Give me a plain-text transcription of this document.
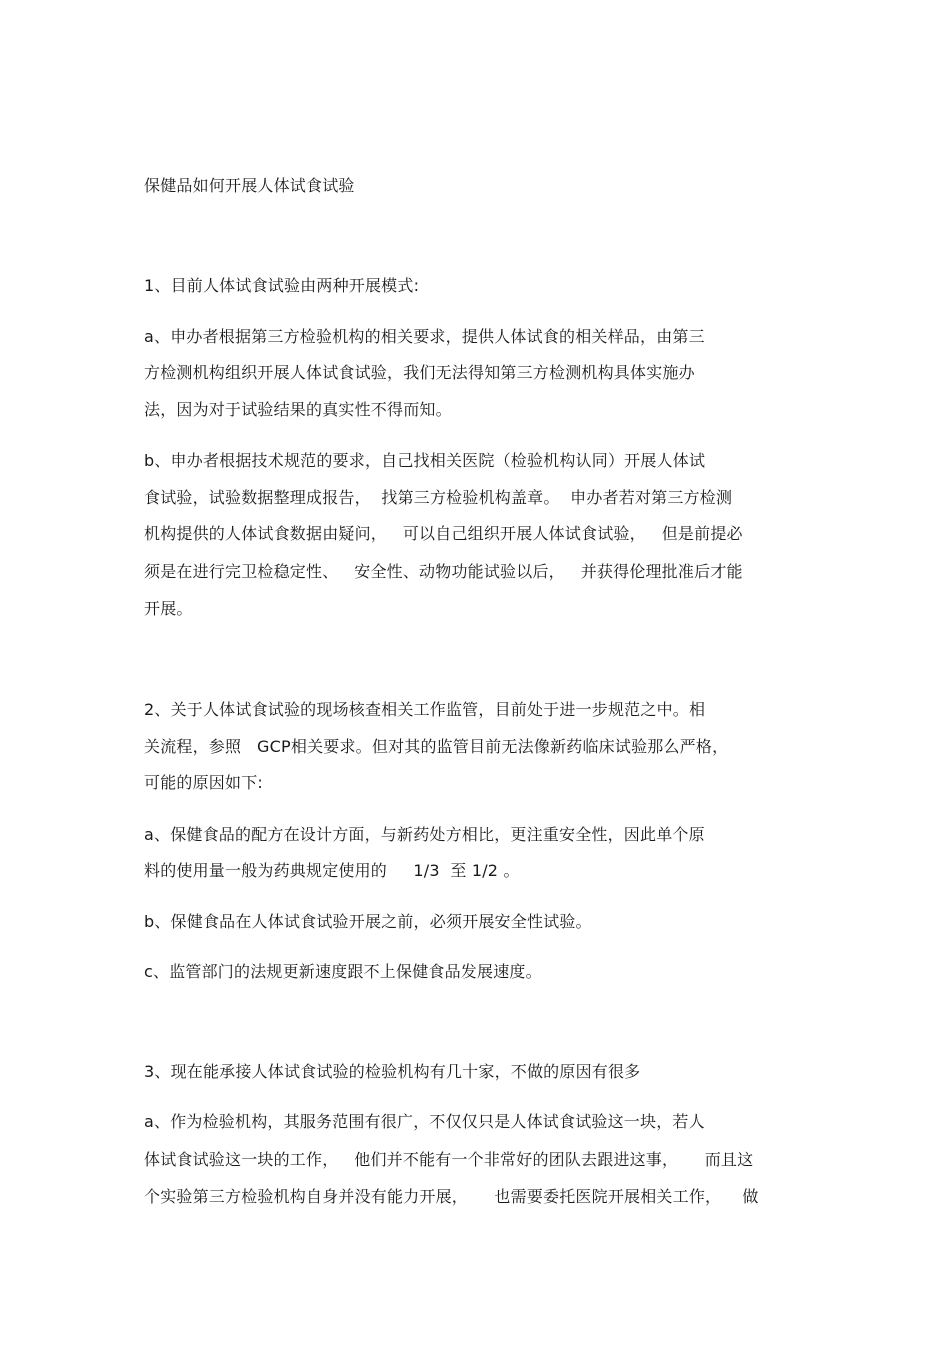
保健品如何开展人体试食试验
1、目前人体试食试验由两种开展模式:
a、申办者根据第三方检验机构的相关要求，提供人体试食的相关样品，由第三
方检测机构组织开展人体试食试验，我们无法得知第三方检测机构具体实施办
法，因为对于试验结果的真实性不得而知。
b、申办者根据技术规范的要求，自己找相关医院（检验机构认同）开展人体试
食试验，试验数据整理成报告，  找第三方检验机构盖章。  申办者若对第三方检测
机构提供的人体试食数据由疑问，   可以自己组织开展人体试食试验，   但是前提必
须是在进行完卫检稳定性、   安全性、动物功能试验以后，   并获得伦理批准后才能
开展。
2、关于人体试食试验的现场核查相关工作监管，目前处于进一步规范之中。相
关流程，参照   GCP相关要求。但对其的监管目前无法像新药临床试验那么严格，
可能的原因如下:
a、保健食品的配方在设计方面，与新药处方相比，更注重安全性，因此单个原
料的使用量一般为药典规定使用的     1/3  至 1/2 。
b、保健食品在人体试食试验开展之前，必须开展安全性试验。
c、监管部门的法规更新速度跟不上保健食品发展速度。
3、现在能承接人体试食试验的检验机构有几十家，不做的原因有很多
a、作为检验机构，其服务范围有很广，不仅仅只是人体试食试验这一块，若人
体试食试验这一块的工作，   他们并不能有一个非常好的团队去跟进这事，     而且这
个实验第三方检验机构自身并没有能力开展，     也需要委托医院开展相关工作，    做
